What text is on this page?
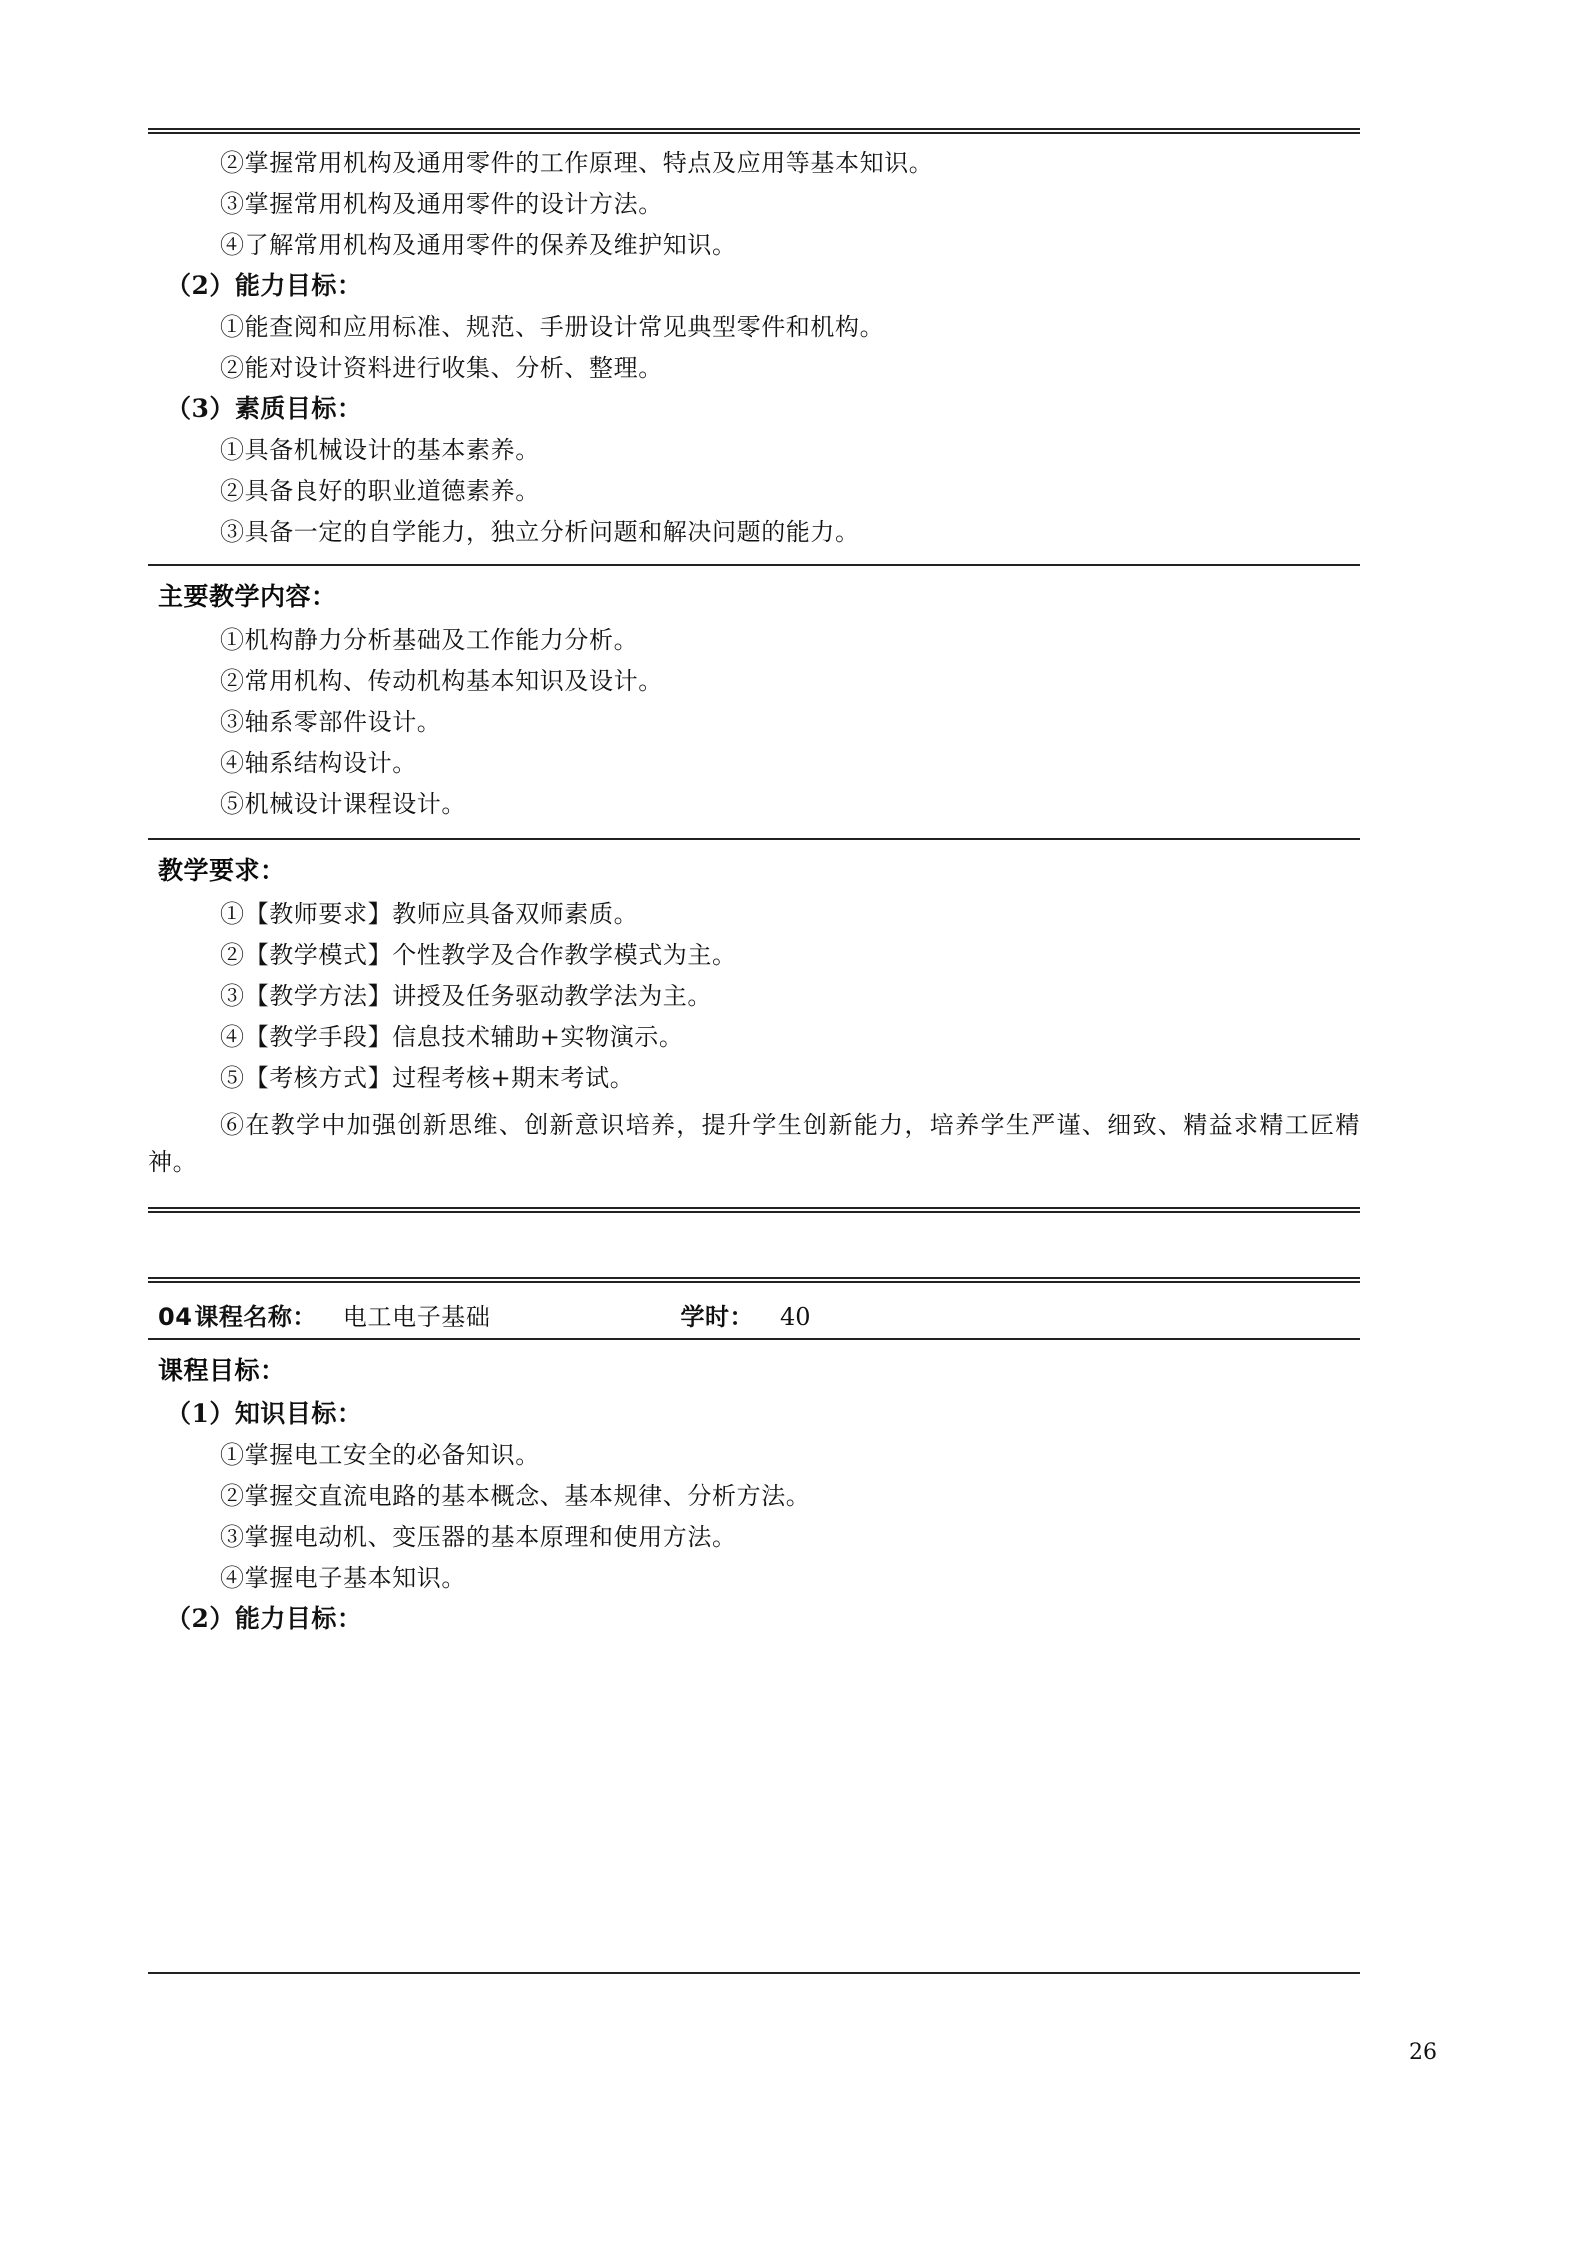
②掌握常用机构及通用零件的工作原理、特点及应用等基本知识。
③掌握常用机构及通用零件的设计方法。
④了解常用机构及通用零件的保养及维护知识。
（2）能力目标：
①能查阅和应用标准、规范、手册设计常见典型零件和机构。
②能对设计资料进行收集、分析、整理。
（3）素质目标：
①具备机械设计的基本素养。
②具备良好的职业道德素养。
③具备一定的自学能力，独立分析问题和解决问题的能力。
主要教学内容：
①机构静力分析基础及工作能力分析。
②常用机构、传动机构基本知识及设计。
③轴系零部件设计。
④轴系结构设计。
⑤机械设计课程设计。
教学要求：
①【教师要求】教师应具备双师素质。
②【教学模式】个性教学及合作教学模式为主。
③【教学方法】讲授及任务驱动教学法为主。
④【教学手段】信息技术辅助+实物演示。
⑤【考核方式】过程考核+期末考试。
⑥在教学中加强创新思维、创新意识培养，提升学生创新能力，培养学生严谨、细致、精益求精工匠精神。
04 课程名称： 电工电子基础	学时： 40
课程目标：
（1）知识目标：
①掌握电工安全的必备知识。
②掌握交直流电路的基本概念、基本规律、分析方法。
③掌握电动机、变压器的基本原理和使用方法。
④掌握电子基本知识。
（2）能力目标：
26
